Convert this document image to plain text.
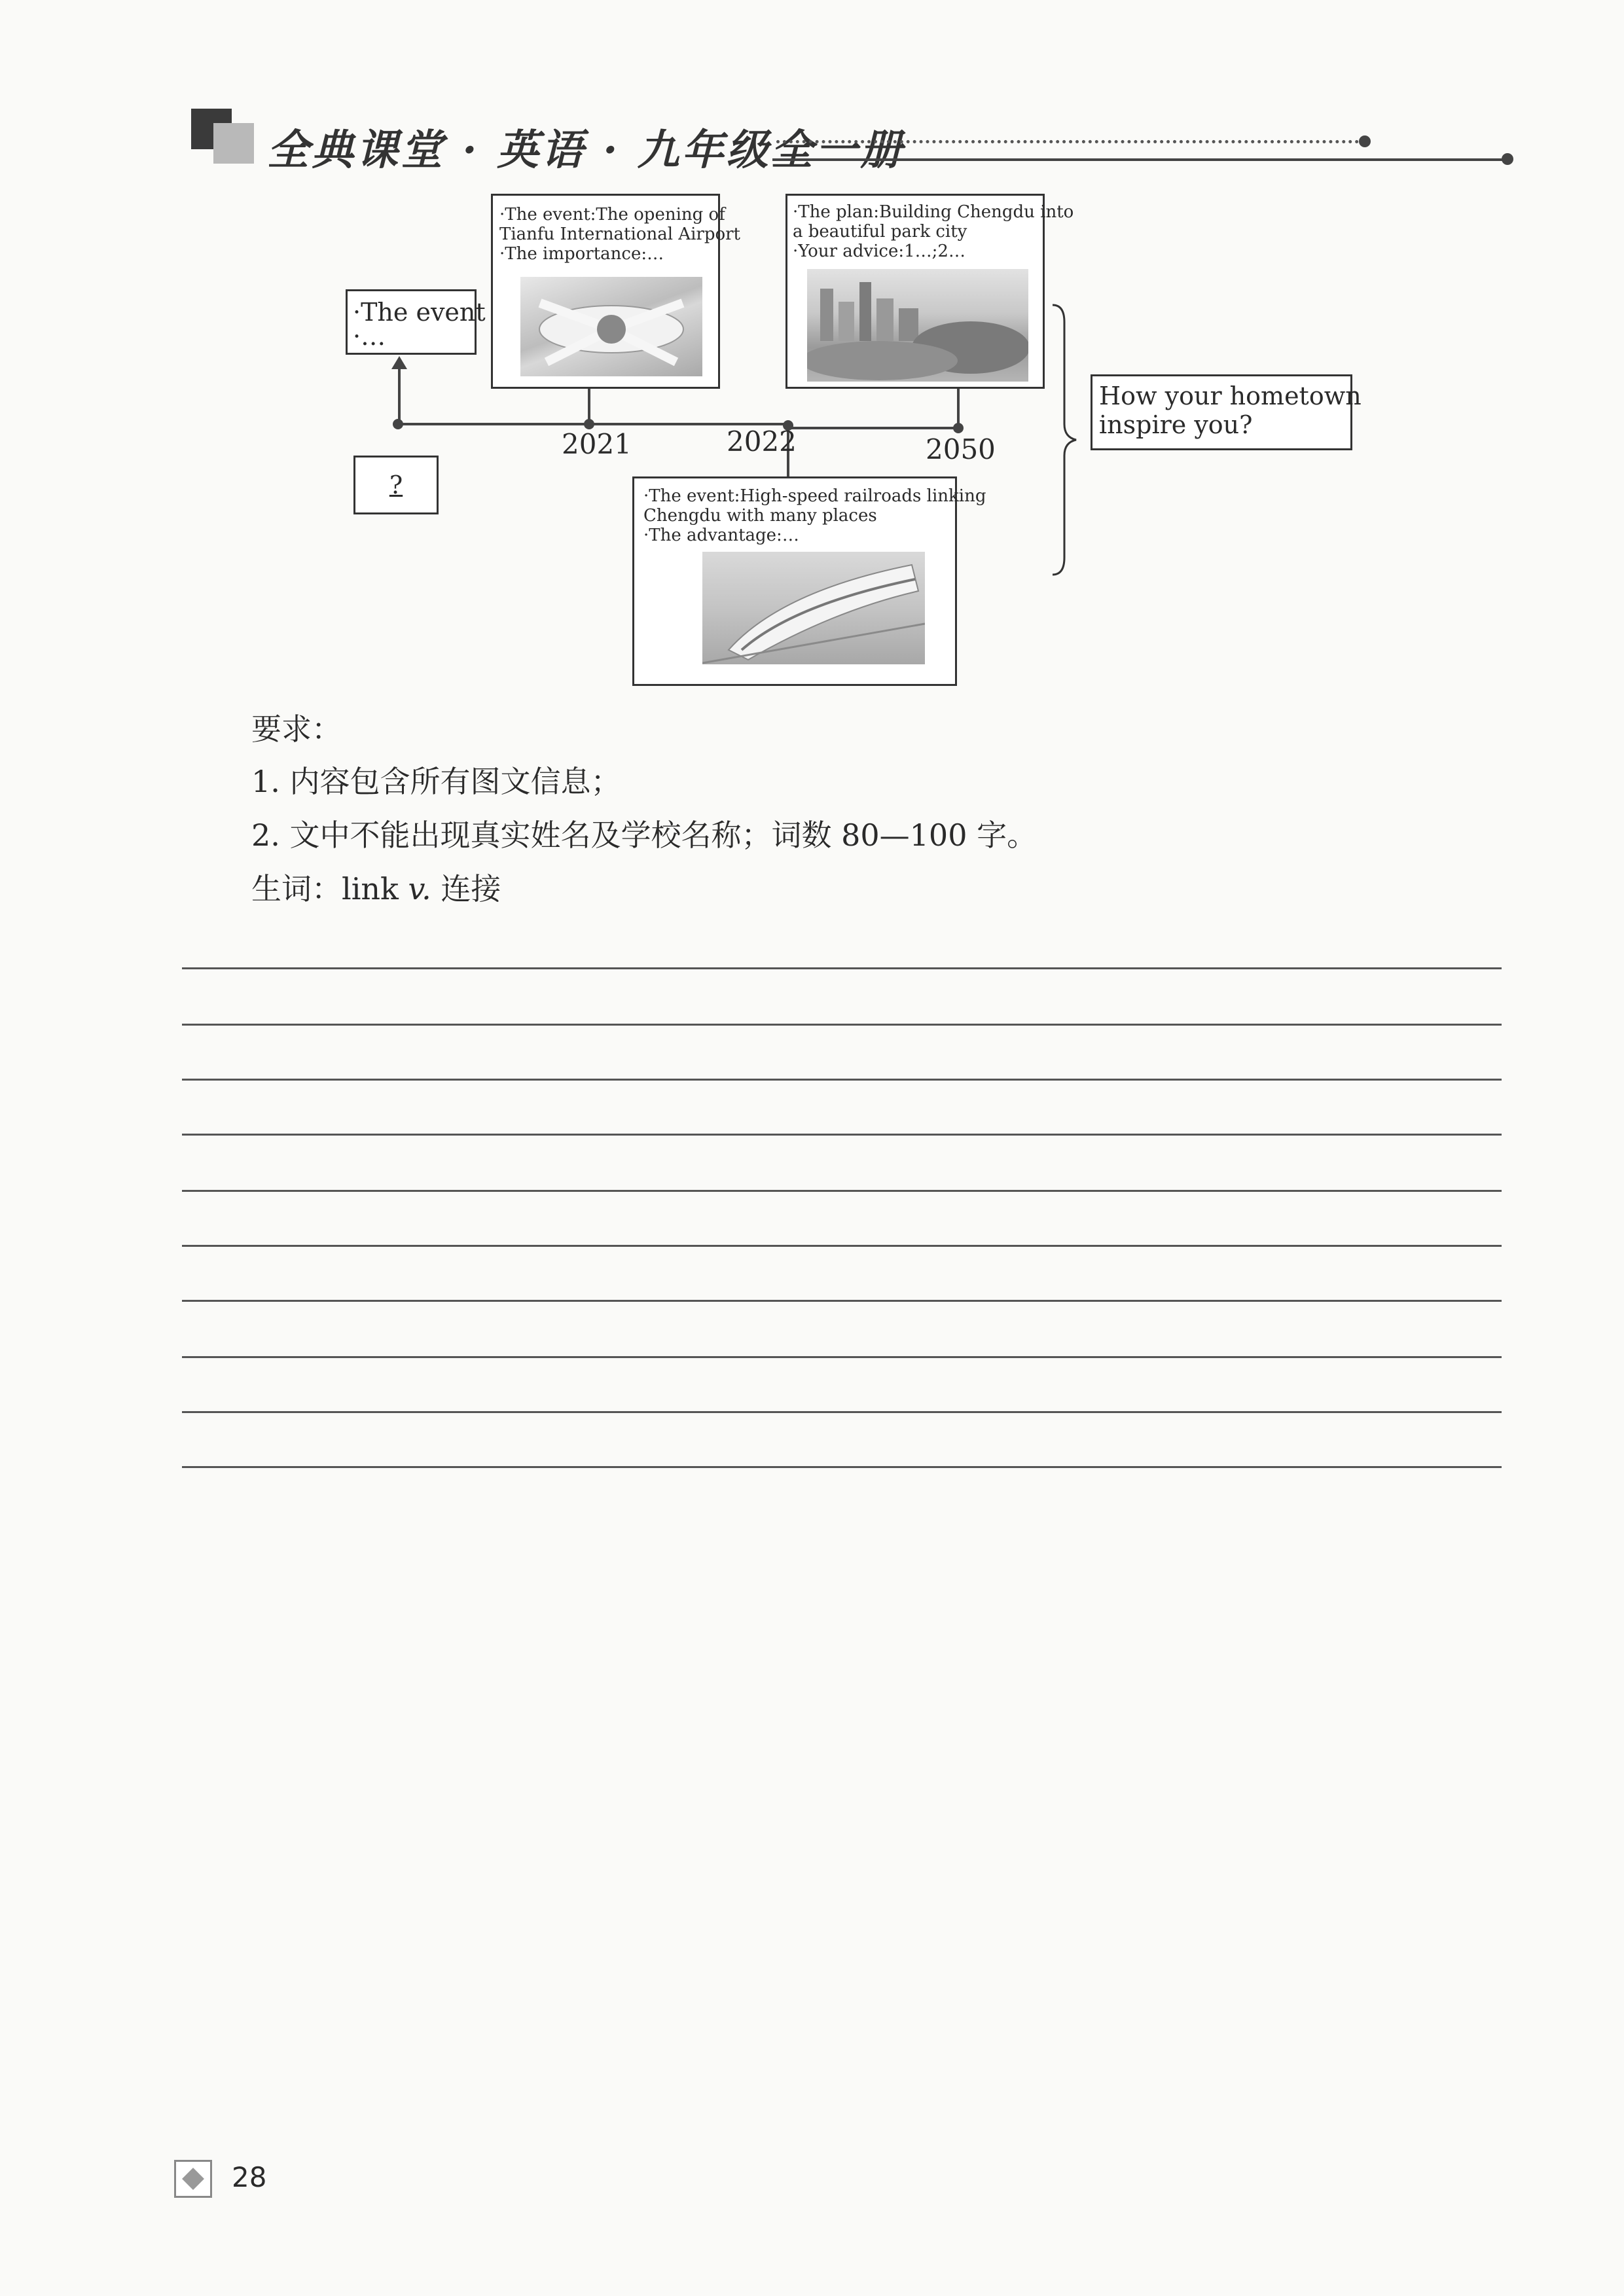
全典课堂 · 英语 · 九年级全一册
·The event
·…
?
·The event:The opening of
Tianfu International Airport
·The importance:…
·The plan:Building Chengdu into
a beautiful park city
·Your advice:1…;2…
2021	2022	2050
·The event:High-speed railroads linking
Chengdu with many places
·The advantage:…
How your hometown
inspire you?
要求：
1. 内容包含所有图文信息；
2. 文中不能出现真实姓名及学校名称；词数 80—100 字。
生词：link v. 连接
28
